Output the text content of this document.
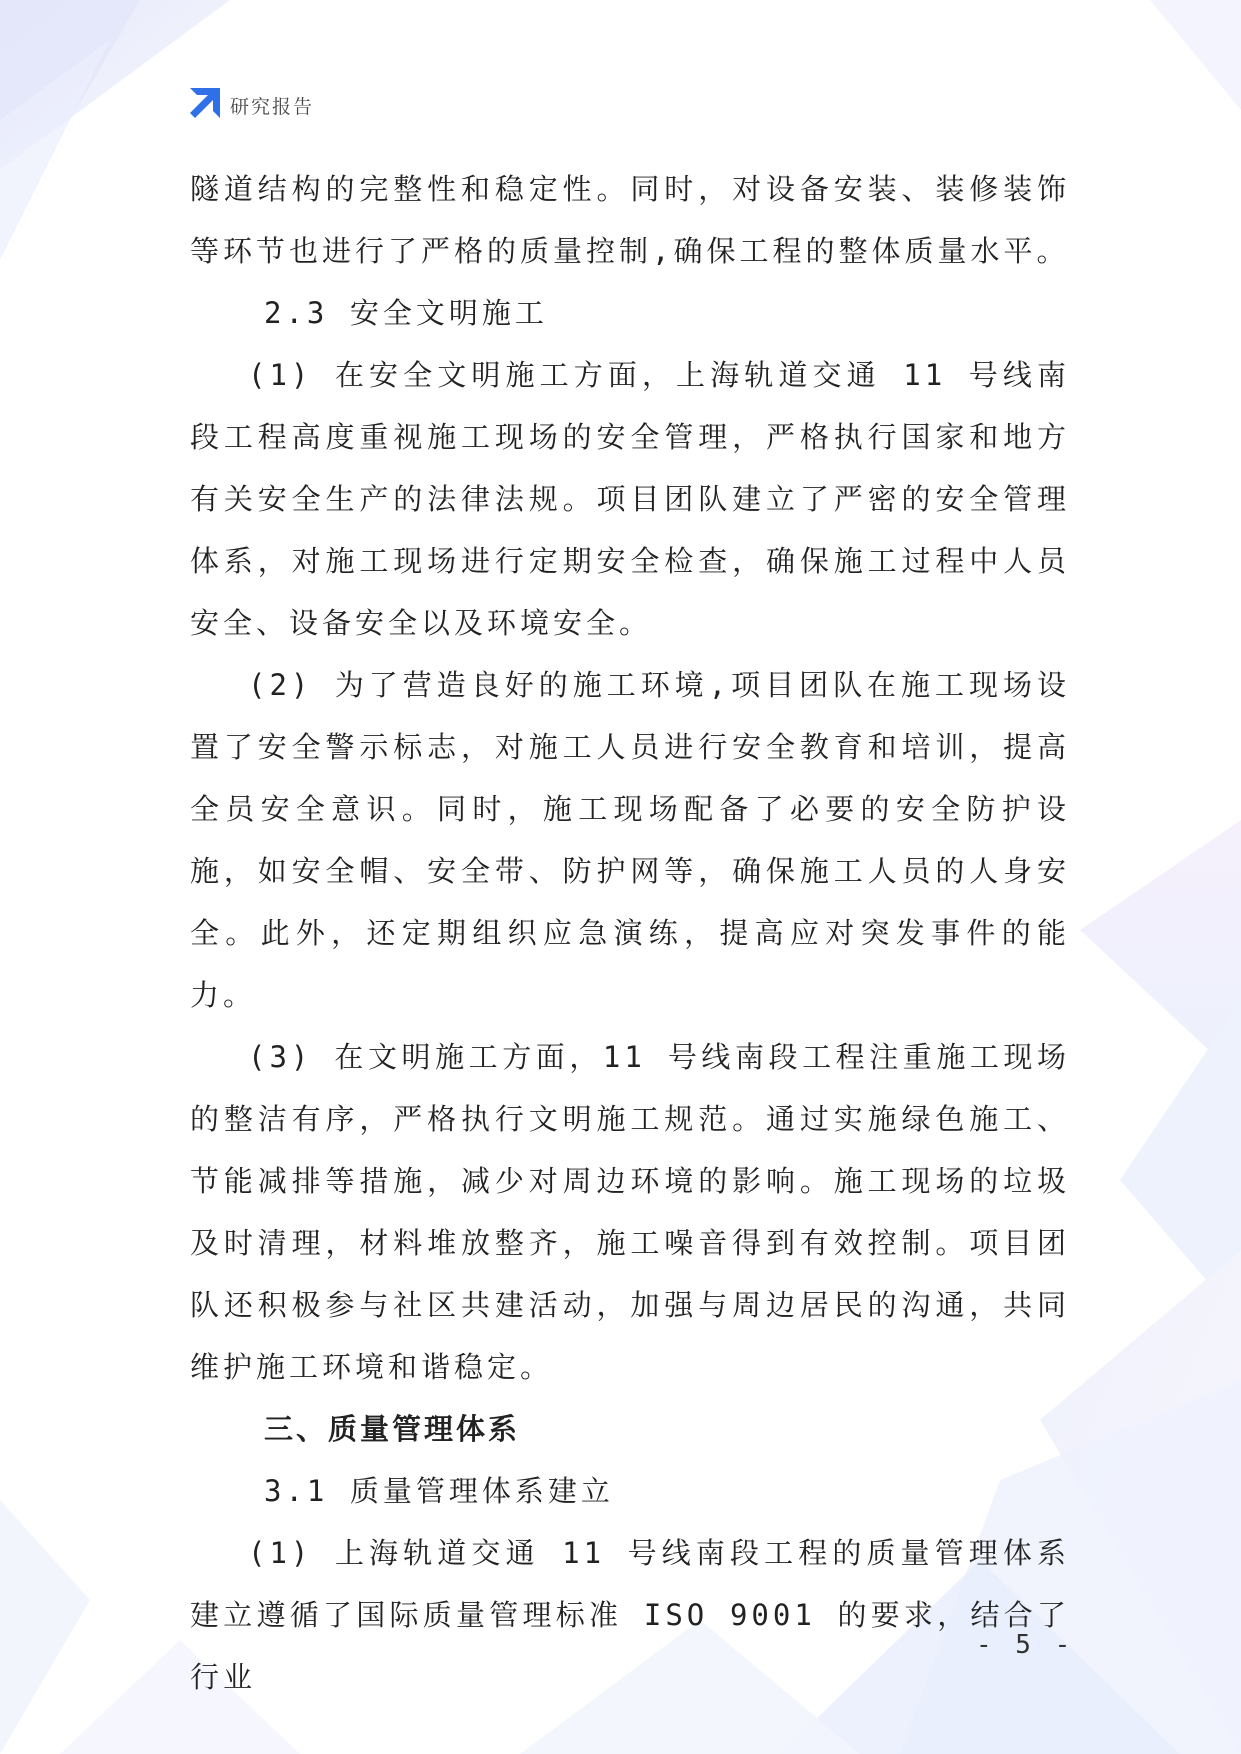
研究报告

隧道结构的完整性和稳定性。同时，对设备安装、装修装饰等环节也进行了严格的质量控制,确保工程的整体质量水平。

2.3 安全文明施工

(1) 在安全文明施工方面，上海轨道交通 11 号线南段工程高度重视施工现场的安全管理，严格执行国家和地方有关安全生产的法律法规。项目团队建立了严密的安全管理体系，对施工现场进行定期安全检查，确保施工过程中人员安全、设备安全以及环境安全。

(2) 为了营造良好的施工环境,项目团队在施工现场设置了安全警示标志，对施工人员进行安全教育和培训，提高全员安全意识。同时，施工现场配备了必要的安全防护设施，如安全帽、安全带、防护网等，确保施工人员的人身安全。此外，还定期组织应急演练，提高应对突发事件的能力。

(3) 在文明施工方面，11 号线南段工程注重施工现场的整洁有序，严格执行文明施工规范。通过实施绿色施工、节能减排等措施，减少对周边环境的影响。施工现场的垃圾及时清理，材料堆放整齐，施工噪音得到有效控制。项目团队还积极参与社区共建活动，加强与周边居民的沟通，共同维护施工环境和谐稳定。

三、质量管理体系
3.1 质量管理体系建立

(1) 上海轨道交通 11 号线南段工程的质量管理体系建立遵循了国际质量管理标准 ISO 9001 的要求，结合了行业

- 5 -
